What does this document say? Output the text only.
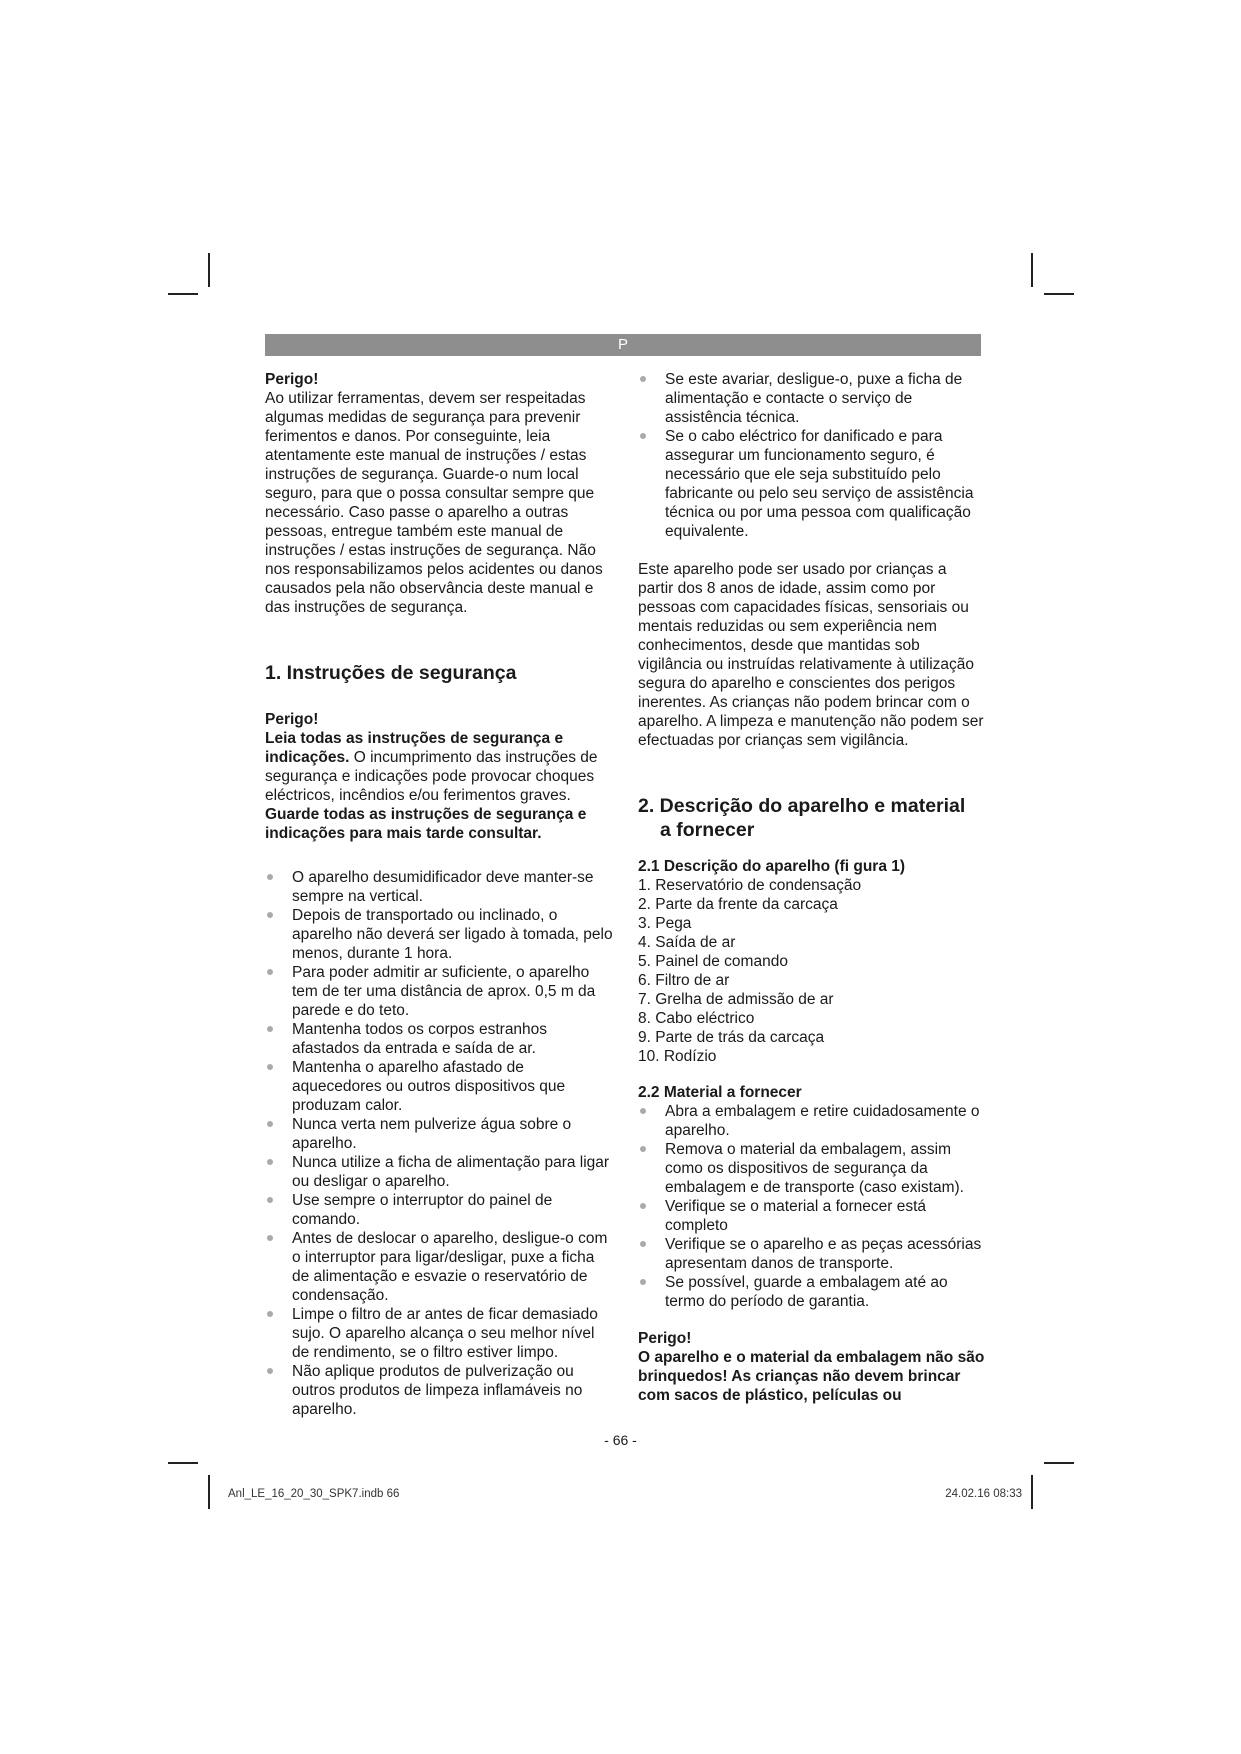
P

Perigo!

Ao utilizar ferramentas, devem ser respeitadas algumas medidas de segurança para prevenir ferimentos e danos. Por conseguinte, leia atentamente este manual de instruções / estas instruções de segurança. Guarde-o num local seguro, para que o possa consultar sempre que necessário. Caso passe o aparelho a outras pessoas, entregue também este manual de instruções / estas instruções de segurança. Não nos responsabilizamos pelos acidentes ou danos causados pela não observância deste manual e das instruções de segurança.

1. Instruções de segurança

Perigo!

Leia todas as instruções de segurança e indicações. O incumprimento das instruções de segurança e indicações pode provocar choques eléctricos, incêndios e/ou ferimentos graves.

Guarde todas as instruções de segurança e indicações para mais tarde consultar.

O aparelho desumidificador deve manter-se sempre na vertical.
Depois de transportado ou inclinado, o aparelho não deverá ser ligado à tomada, pelo menos, durante 1 hora.
Para poder admitir ar suficiente, o aparelho tem de ter uma distância de aprox. 0,5 m da parede e do teto.
Mantenha todos os corpos estranhos afastados da entrada e saída de ar.
Mantenha o aparelho afastado de aquecedores ou outros dispositivos que produzam calor.
Nunca verta nem pulverize água sobre o aparelho.
Nunca utilize a ficha de alimentação para ligar ou desligar o aparelho.
Use sempre o interruptor do painel de comando.
Antes de deslocar o aparelho, desligue-o com o interruptor para ligar/desligar, puxe a ficha de alimentação e esvazie o reservatório de condensação.
Limpe o filtro de ar antes de ficar demasiado sujo. O aparelho alcança o seu melhor nível de rendimento, se o filtro estiver limpo.
Não aplique produtos de pulverização ou outros produtos de limpeza inflamáveis no aparelho.
Se este avariar, desligue-o, puxe a ficha de alimentação e contacte o serviço de assistência técnica.
Se o cabo eléctrico for danificado e para assegurar um funcionamento seguro, é necessário que ele seja substituído pelo fabricante ou pelo seu serviço de assistência técnica ou por uma pessoa com qualificação equivalente.

Este aparelho pode ser usado por crianças a partir dos 8 anos de idade, assim como por pessoas com capacidades físicas, sensoriais ou mentais reduzidas ou sem experiência nem conhecimentos, desde que mantidas sob vigilância ou instruídas relativamente à utilização segura do aparelho e conscientes dos perigos inerentes. As crianças não podem brincar com o aparelho. A limpeza e manutenção não podem ser efectuadas por crianças sem vigilância.

2. Descrição do aparelho e material
a fornecer

2.1 Descrição do aparelho (fi gura 1)

1. Reservatório de condensação
2. Parte da frente da carcaça
3. Pega
4. Saída de ar
5. Painel de comando
6. Filtro de ar
7. Grelha de admissão de ar
8. Cabo eléctrico
9. Parte de trás da carcaça
10. Rodízio

2.2 Material a fornecer

Abra a embalagem e retire cuidadosamente o aparelho.
Remova o material da embalagem, assim como os dispositivos de segurança da embalagem e de transporte (caso existam).
Verifique se o material a fornecer está completo
Verifique se o aparelho e as peças acessórias apresentam danos de transporte.
Se possível, guarde a embalagem até ao termo do período de garantia.

Perigo!

O aparelho e o material da embalagem não são brinquedos! As crianças não devem brincar com sacos de plástico, películas ou

- 66 -
Anl_LE_16_20_30_SPK7.indb 66	24.02.16 08:33
